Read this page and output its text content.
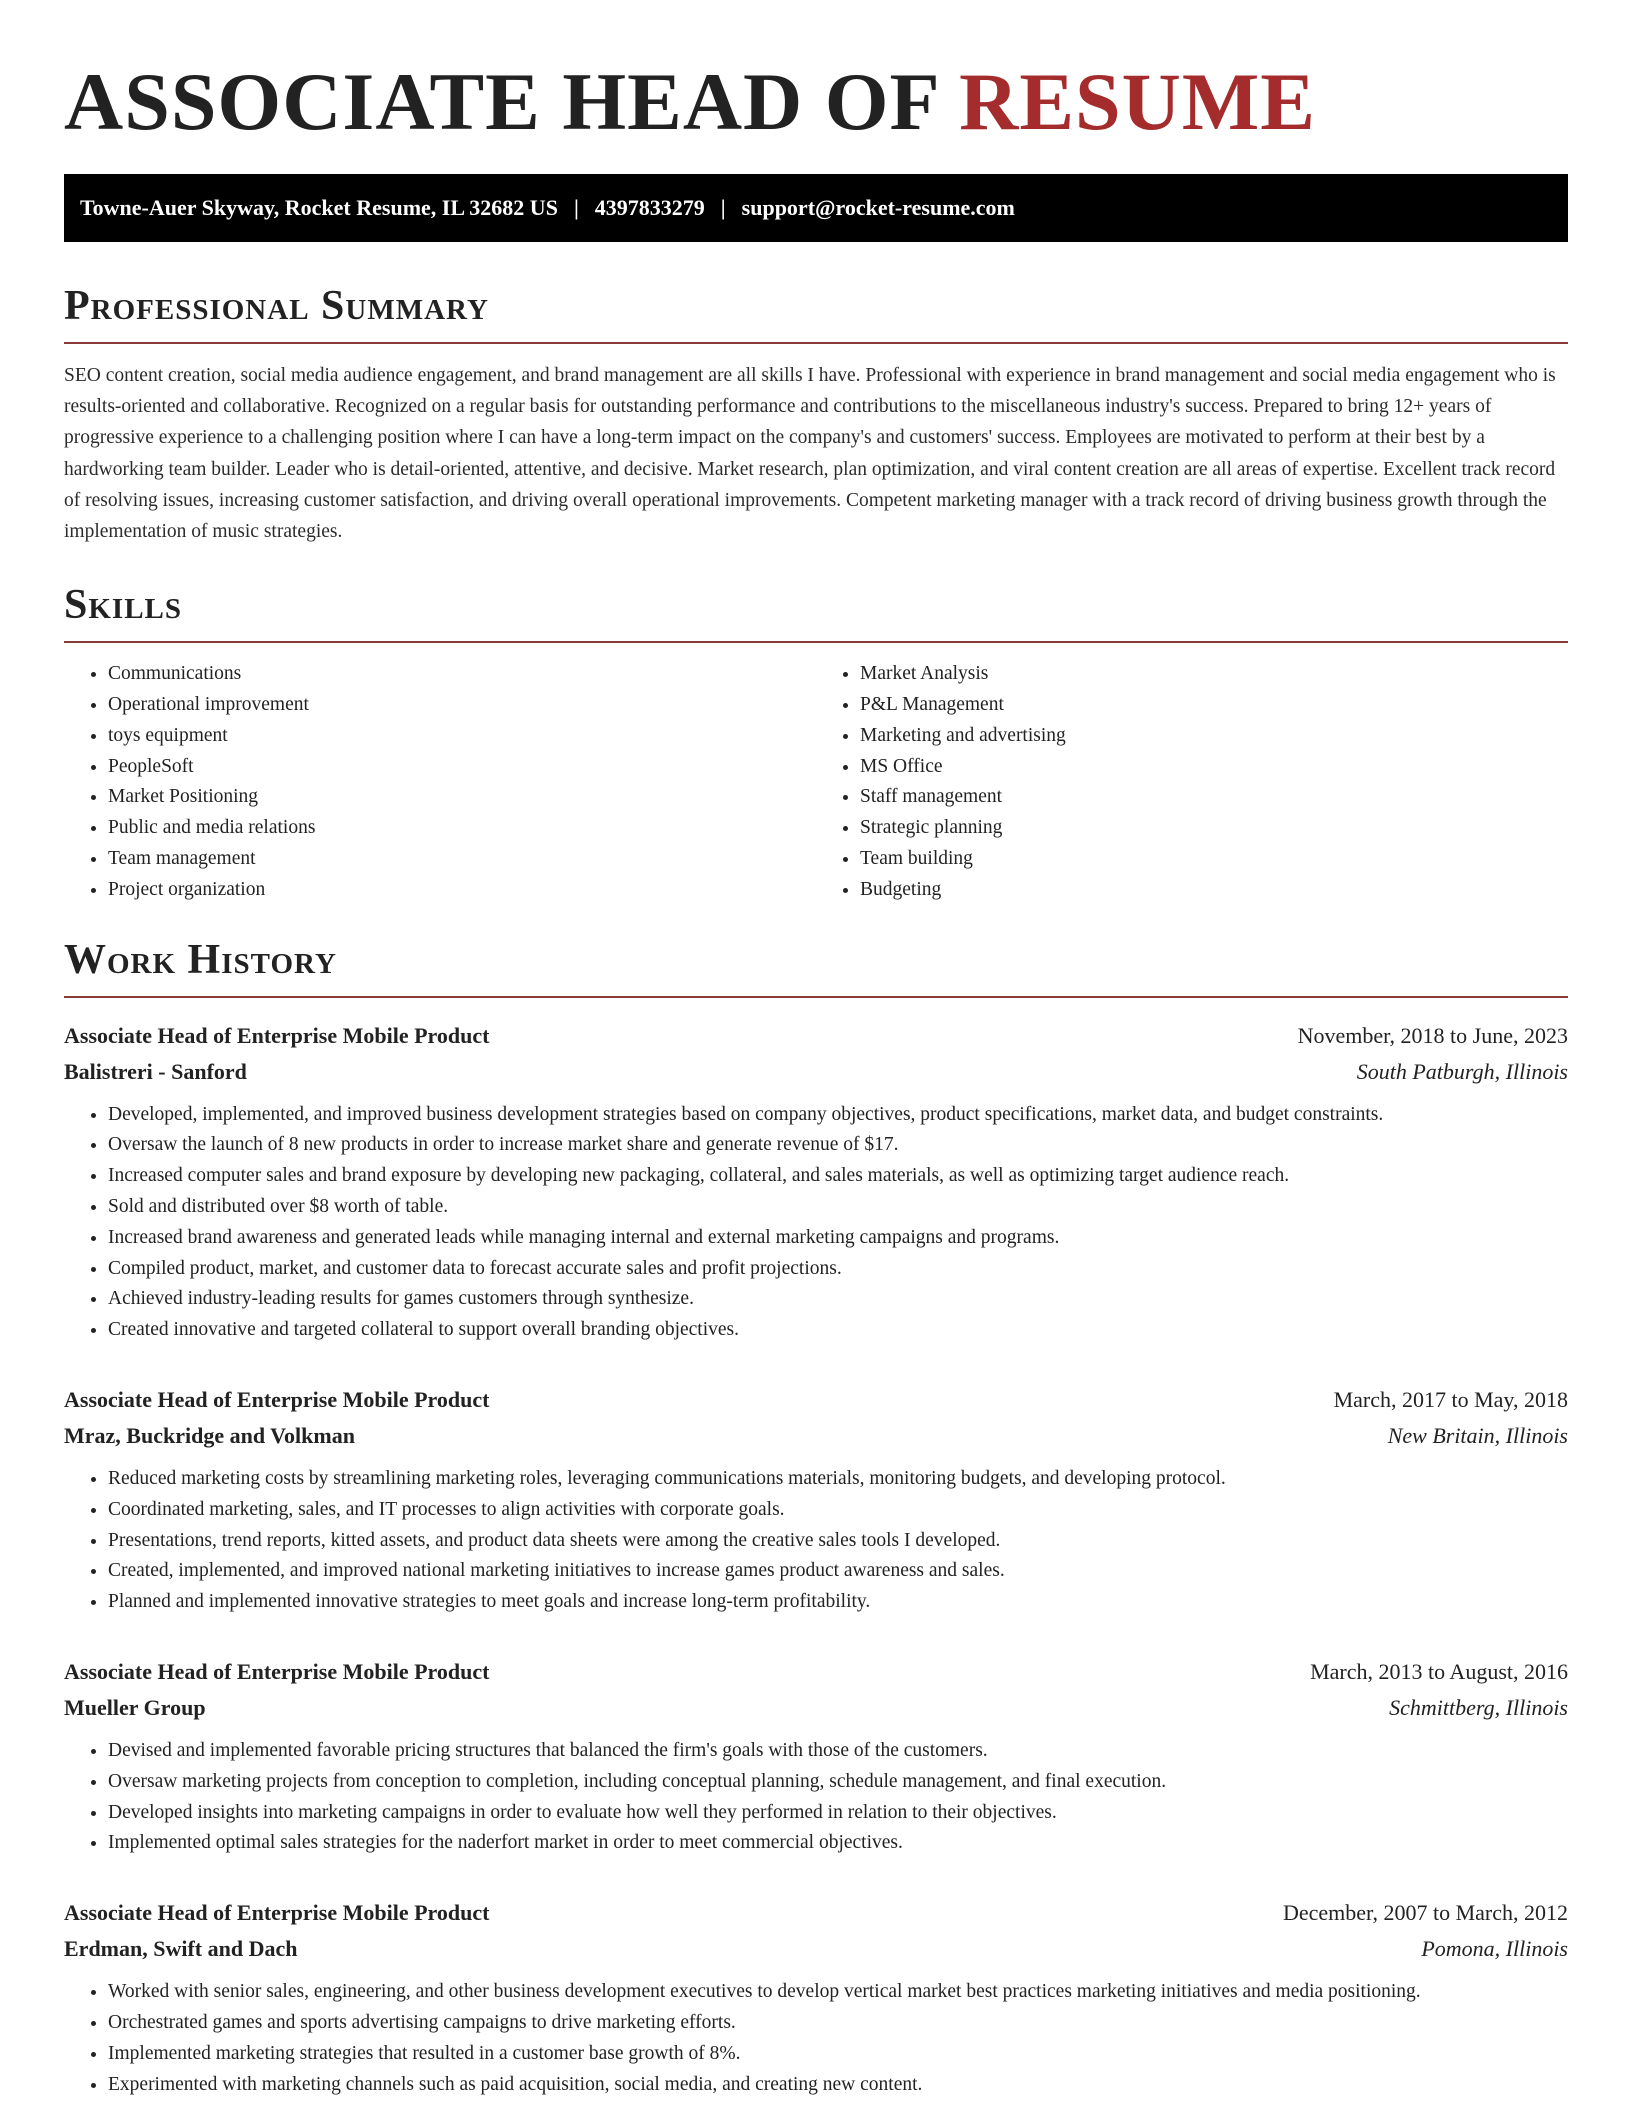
ASSOCIATE HEAD OF RESUME
Towne-Auer Skyway, Rocket Resume, IL 32682 US | 4397833279 | support@rocket-resume.com
Professional Summary

SEO content creation, social media audience engagement, and brand management are all skills I have. Professional with experience in brand management and social media engagement who is results-oriented and collaborative. Recognized on a regular basis for outstanding performance and contributions to the miscellaneous industry's success. Prepared to bring 12+ years of progressive experience to a challenging position where I can have a long-term impact on the company's and customers' success. Employees are motivated to perform at their best by a hardworking team builder. Leader who is detail-oriented, attentive, and decisive. Market research, plan optimization, and viral content creation are all areas of expertise. Excellent track record of resolving issues, increasing customer satisfaction, and driving overall operational improvements. Competent marketing manager with a track record of driving business growth through the implementation of music strategies.

Skills
• Communications
• Operational improvement
• toys equipment
• PeopleSoft
• Market Positioning
• Public and media relations
• Team management
• Project organization
• Market Analysis
• P&L Management
• Marketing and advertising
• MS Office
• Staff management
• Strategic planning
• Team building
• Budgeting
Work History
Associate Head of Enterprise Mobile Product	November, 2018 to June, 2023
Balistreri - Sanford	South Patburgh, Illinois
• Developed, implemented, and improved business development strategies based on company objectives, product specifications, market data, and budget constraints.
• Oversaw the launch of 8 new products in order to increase market share and generate revenue of $17.
• Increased computer sales and brand exposure by developing new packaging, collateral, and sales materials, as well as optimizing target audience reach.
• Sold and distributed over $8 worth of table.
• Increased brand awareness and generated leads while managing internal and external marketing campaigns and programs.
• Compiled product, market, and customer data to forecast accurate sales and profit projections.
• Achieved industry-leading results for games customers through synthesize.
• Created innovative and targeted collateral to support overall branding objectives.
Associate Head of Enterprise Mobile Product	March, 2017 to May, 2018
Mraz, Buckridge and Volkman	New Britain, Illinois
• Reduced marketing costs by streamlining marketing roles, leveraging communications materials, monitoring budgets, and developing protocol.
• Coordinated marketing, sales, and IT processes to align activities with corporate goals.
• Presentations, trend reports, kitted assets, and product data sheets were among the creative sales tools I developed.
• Created, implemented, and improved national marketing initiatives to increase games product awareness and sales.
• Planned and implemented innovative strategies to meet goals and increase long-term profitability.
Associate Head of Enterprise Mobile Product	March, 2013 to August, 2016
Mueller Group	Schmittberg, Illinois
• Devised and implemented favorable pricing structures that balanced the firm's goals with those of the customers.
• Oversaw marketing projects from conception to completion, including conceptual planning, schedule management, and final execution.
• Developed insights into marketing campaigns in order to evaluate how well they performed in relation to their objectives.
• Implemented optimal sales strategies for the naderfort market in order to meet commercial objectives.
Associate Head of Enterprise Mobile Product	December, 2007 to March, 2012
Erdman, Swift and Dach	Pomona, Illinois
• Worked with senior sales, engineering, and other business development executives to develop vertical market best practices marketing initiatives and media positioning.
• Orchestrated games and sports advertising campaigns to drive marketing efforts.
• Implemented marketing strategies that resulted in a customer base growth of 8%.
• Experimented with marketing channels such as paid acquisition, social media, and creating new content.
